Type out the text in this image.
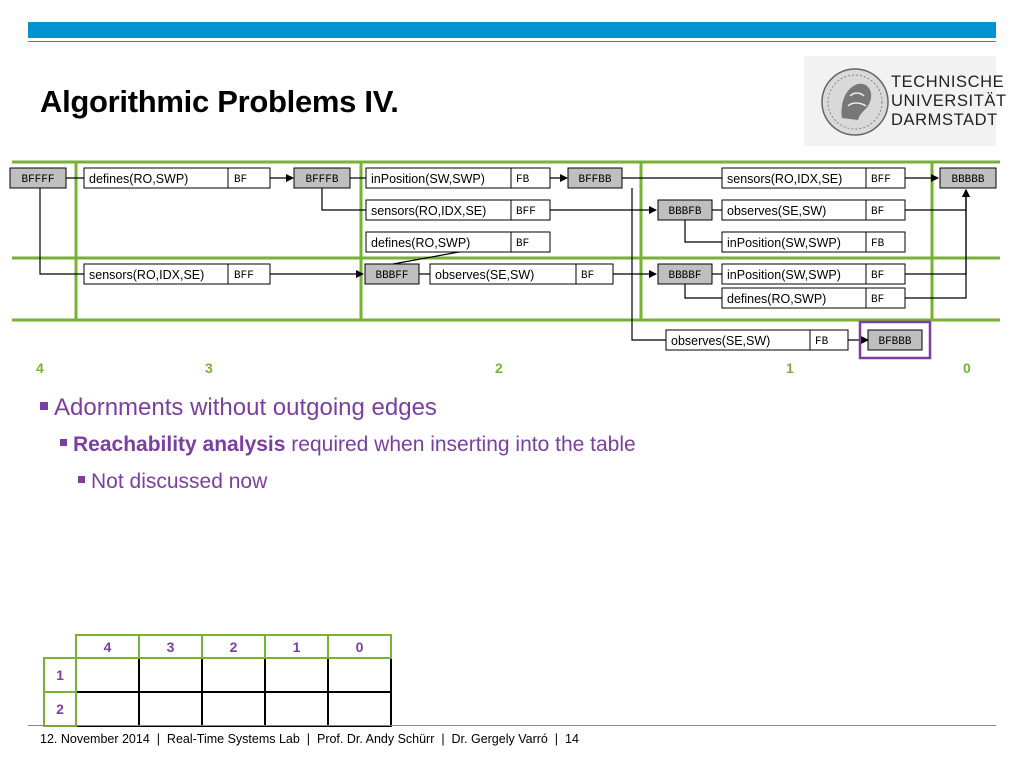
Algorithmic Problems IV.
TECHNISCHE
UNIVERSITÄT
DARMSTADT
BFFFF	BFFFB	BFFBB	BBBBB
BBBFB
BBBFF	BBBBF
BFBBB
defines(RO,SWP)	BF	inPosition(SW,SWP)	FB
sensors(RO,IDX,SE)	BFF
sensors(RO,IDX,SE)	BFF	observes(SE,SW)	BF
defines(RO,SWP)	BF	inPosition(SW,SWP)	FB
sensors(RO,IDX,SE)	BFF
observes(SE,SW)	BF
inPosition(SW,SWP)	BF
defines(RO,SWP)	BF
observes(SE,SW)	FB
4	3	2	1	0
Adornments without outgoing edges
Reachability analysis required when inserting into the table
Not discussed now
	4	3	2	1	0
1					
2					
12. November 2014  |  Real-Time Systems Lab  |  Prof. Dr. Andy Schürr  |  Dr. Gergely Varró  |  14
